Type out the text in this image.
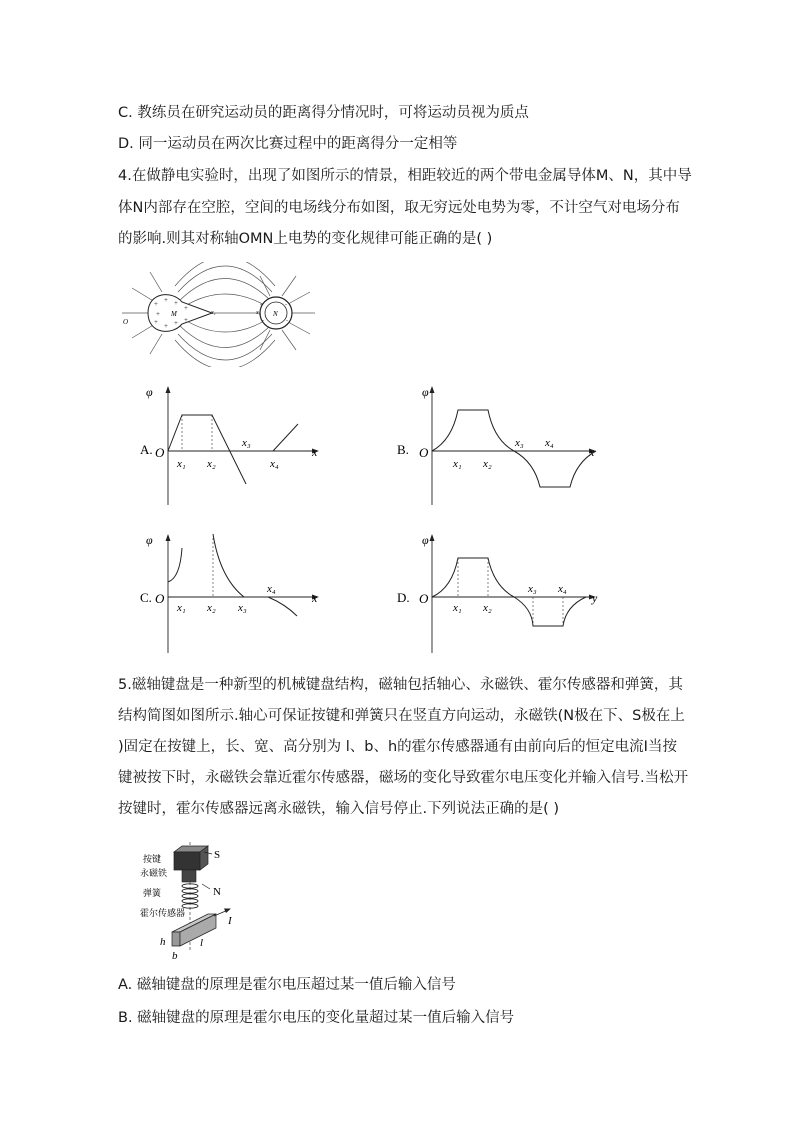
C. 教练员在研究运动员的距离得分情况时，可将运动员视为质点
D. 同一运动员在两次比赛过程中的距离得分一定相等
4.在做静电实验时，出现了如图所示的情景，相距较近的两个带电金属导体M、N，其中导
体N内部存在空腔，空间的电场线分布如图，取无穷远处电势为零，不计空气对电场分布
的影响.则其对称轴OMN上电势的变化规律可能正确的是( )
+ + +
+ + +
+
+
+
-
-
-
-
O
M	x₁	x₂ N
A.
φ
O	x
x₁ x₂
x₃
x₄
B.
φ
O	x
x₁ x₂
x₃ x₄
C.
φ
O	x
x₁ x₂ x₃
x₄
D.
φ
O	y
x₁ x₂
x₃ x₄
5.磁轴键盘是一种新型的机械键盘结构，磁轴包括轴心、永磁铁、霍尔传感器和弹簧，其
结构简图如图所示.轴心可保证按键和弹簧只在竖直方向运动，永磁铁(N极在下、S极在上
)固定在按键上，长、宽、高分别为 l、b、h的霍尔传感器通有由前向后的恒定电流I当按
键被按下时，永磁铁会靠近霍尔传感器，磁场的变化导致霍尔电压变化并输入信号.当松开
按键时，霍尔传感器远离永磁铁，输入信号停止.下列说法正确的是( )
按键
永磁铁
弹簧
霍尔传感器
S
N
I
h
b
l
A. 磁轴键盘的原理是霍尔电压超过某一值后输入信号
B. 磁轴键盘的原理是霍尔电压的变化量超过某一值后输入信号
